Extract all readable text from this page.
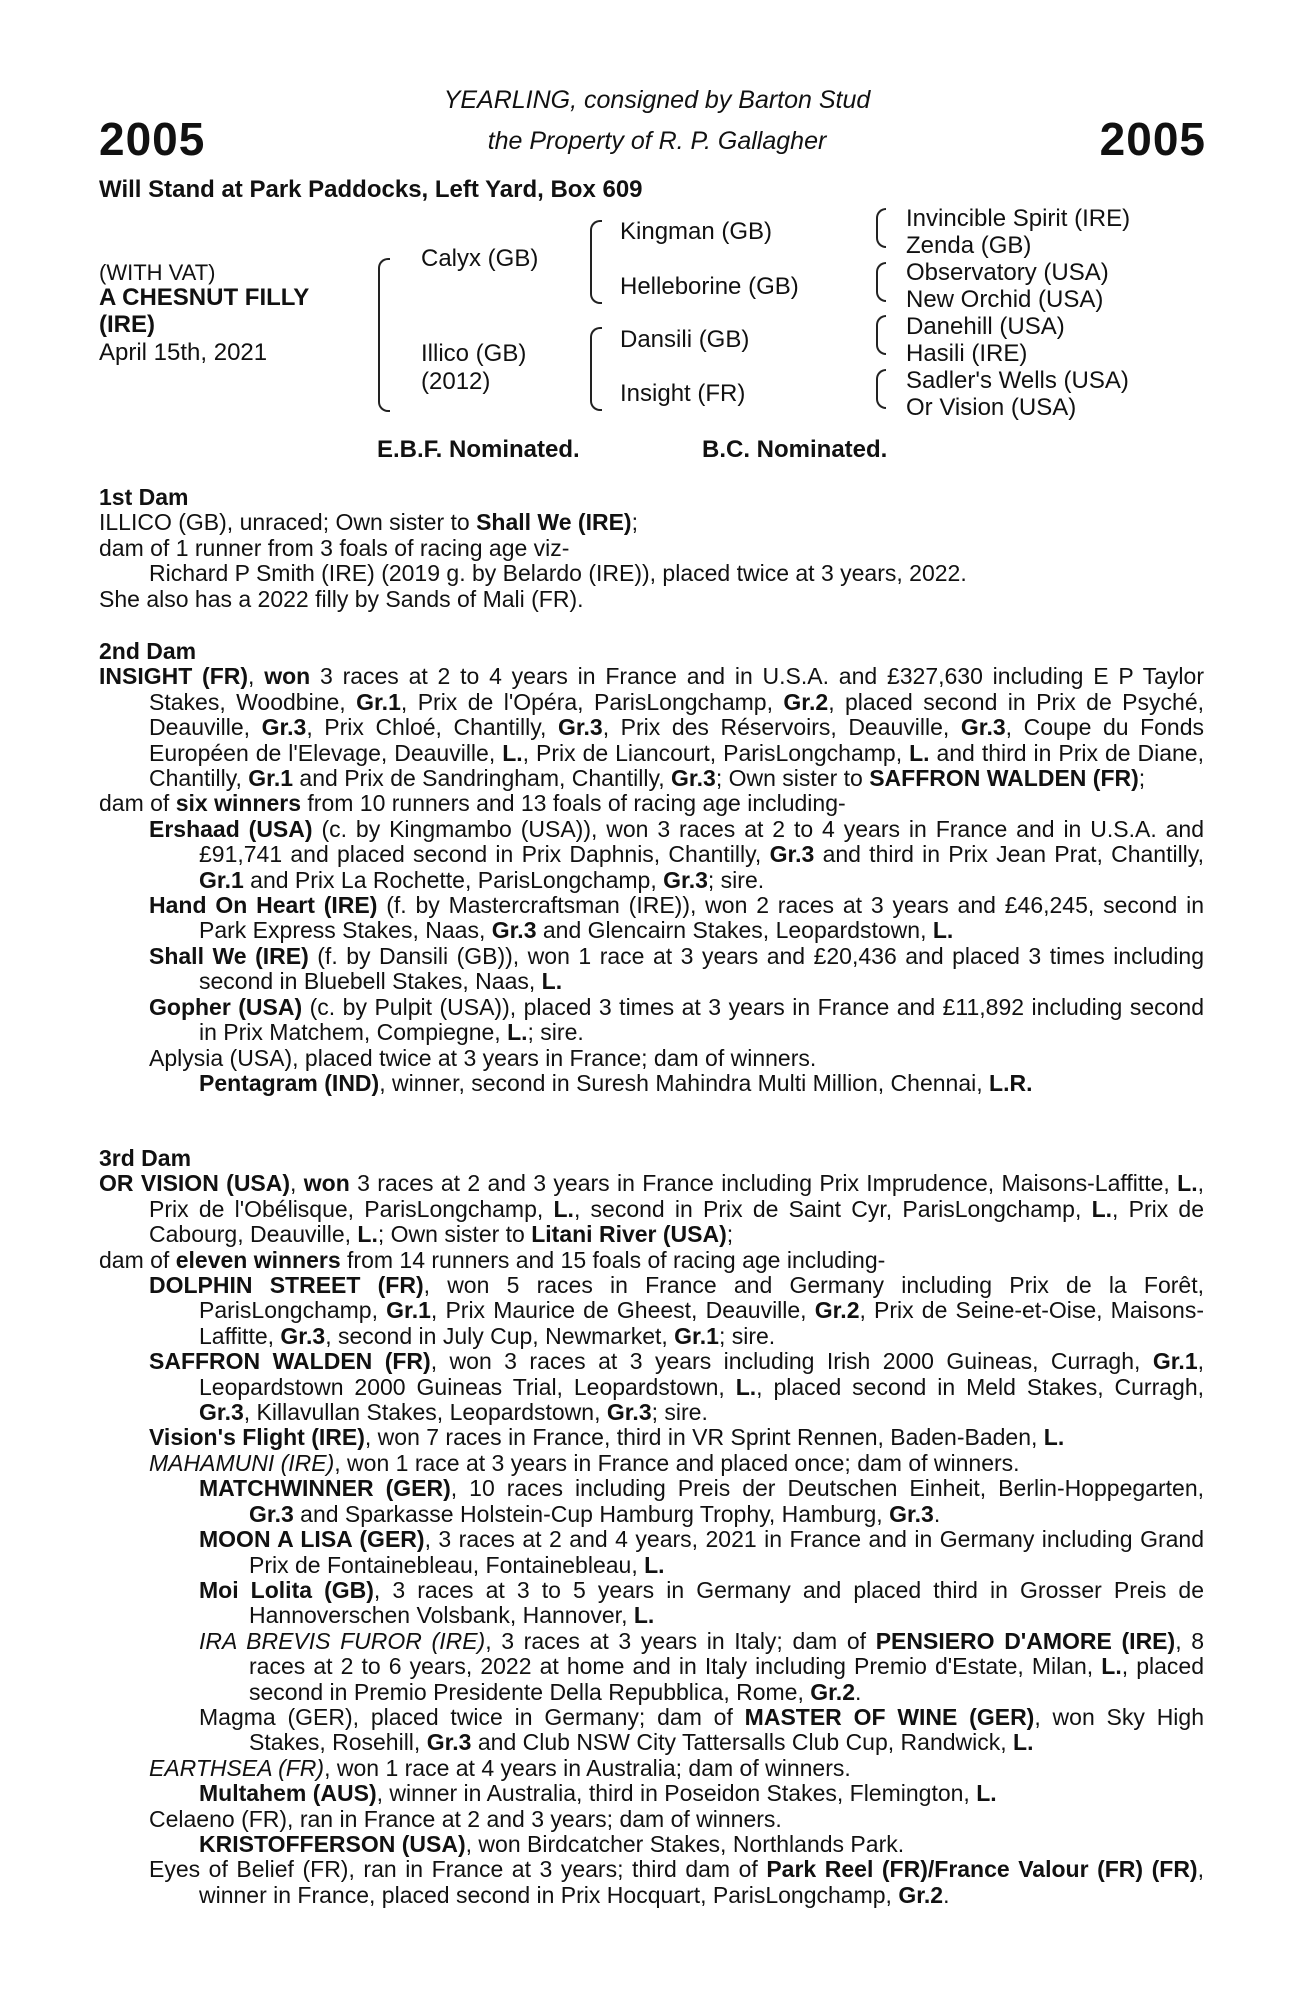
2005	2005
YEARLING, consigned by Barton Stud
the Property of R. P. Gallagher
Will Stand at Park Paddocks, Left Yard, Box 609
(WITH VAT)
A CHESNUT FILLY
(IRE)
April 15th, 2021
Calyx (GB)
Illico (GB)
(2012)
Kingman (GB)
Helleborine (GB)
Dansili (GB)
Insight (FR)
Invincible Spirit (IRE)
Zenda (GB)
Observatory (USA)
New Orchid (USA)
Danehill (USA)
Hasili (IRE)
Sadler's Wells (USA)
Or Vision (USA)
E.B.F. Nominated.	B.C. Nominated.
1st Dam

ILLICO (GB), unraced; Own sister to Shall We (IRE);

dam of 1 runner from 3 foals of racing age viz-

Richard P Smith (IRE) (2019 g. by Belardo (IRE)), placed twice at 3 years, 2022.

She also has a 2022 filly by Sands of Mali (FR).

2nd Dam

INSIGHT (FR), won 3 races at 2 to 4 years in France and in U.S.A. and £327,630 including E P Taylor Stakes, Woodbine, Gr.1, Prix de l'Opéra, ParisLongchamp, Gr.2, placed second in Prix de Psyché, Deauville, Gr.3, Prix Chloé, Chantilly, Gr.3, Prix des Réservoirs, Deauville, Gr.3, Coupe du Fonds Européen de l'Elevage, Deauville, L., Prix de Liancourt, ParisLongchamp, L. and third in Prix de Diane, Chantilly, Gr.1 and Prix de Sandringham, Chantilly, Gr.3; Own sister to SAFFRON WALDEN (FR);

dam of six winners from 10 runners and 13 foals of racing age including-

Ershaad (USA) (c. by Kingmambo (USA)), won 3 races at 2 to 4 years in France and in U.S.A. and £91,741 and placed second in Prix Daphnis, Chantilly, Gr.3 and third in Prix Jean Prat, Chantilly, Gr.1 and Prix La Rochette, ParisLongchamp, Gr.3; sire.

Hand On Heart (IRE) (f. by Mastercraftsman (IRE)), won 2 races at 3 years and £46,245, second in Park Express Stakes, Naas, Gr.3 and Glencairn Stakes, Leopardstown, L.

Shall We (IRE) (f. by Dansili (GB)), won 1 race at 3 years and £20,436 and placed 3 times including second in Bluebell Stakes, Naas, L.

Gopher (USA) (c. by Pulpit (USA)), placed 3 times at 3 years in France and £11,892 including second in Prix Matchem, Compiegne, L.; sire.

Aplysia (USA), placed twice at 3 years in France; dam of winners.

Pentagram (IND), winner, second in Suresh Mahindra Multi Million, Chennai, L.R.

3rd Dam

OR VISION (USA), won 3 races at 2 and 3 years in France including Prix Imprudence, Maisons-Laffitte, L., Prix de l'Obélisque, ParisLongchamp, L., second in Prix de Saint Cyr, ParisLongchamp, L., Prix de Cabourg, Deauville, L.; Own sister to Litani River (USA);

dam of eleven winners from 14 runners and 15 foals of racing age including-

DOLPHIN STREET (FR), won 5 races in France and Germany including Prix de la Forêt, ParisLongchamp, Gr.1, Prix Maurice de Gheest, Deauville, Gr.2, Prix de Seine-et-Oise, Maisons-Laffitte, Gr.3, second in July Cup, Newmarket, Gr.1; sire.

SAFFRON WALDEN (FR), won 3 races at 3 years including Irish 2000 Guineas, Curragh, Gr.1, Leopardstown 2000 Guineas Trial, Leopardstown, L., placed second in Meld Stakes, Curragh, Gr.3, Killavullan Stakes, Leopardstown, Gr.3; sire.

Vision's Flight (IRE), won 7 races in France, third in VR Sprint Rennen, Baden-Baden, L.

MAHAMUNI (IRE), won 1 race at 3 years in France and placed once; dam of winners.

MATCHWINNER (GER), 10 races including Preis der Deutschen Einheit, Berlin-Hoppegarten, Gr.3 and Sparkasse Holstein-Cup Hamburg Trophy, Hamburg, Gr.3.

MOON A LISA (GER), 3 races at 2 and 4 years, 2021 in France and in Germany including Grand Prix de Fontainebleau, Fontainebleau, L.

Moi Lolita (GB), 3 races at 3 to 5 years in Germany and placed third in Grosser Preis de Hannoverschen Volsbank, Hannover, L.

IRA BREVIS FUROR (IRE), 3 races at 3 years in Italy; dam of PENSIERO D'AMORE (IRE), 8 races at 2 to 6 years, 2022 at home and in Italy including Premio d'Estate, Milan, L., placed second in Premio Presidente Della Repubblica, Rome, Gr.2.

Magma (GER), placed twice in Germany; dam of MASTER OF WINE (GER), won Sky High Stakes, Rosehill, Gr.3 and Club NSW City Tattersalls Club Cup, Randwick, L.

EARTHSEA (FR), won 1 race at 4 years in Australia; dam of winners.

Multahem (AUS), winner in Australia, third in Poseidon Stakes, Flemington, L.

Celaeno (FR), ran in France at 2 and 3 years; dam of winners.

KRISTOFFERSON (USA), won Birdcatcher Stakes, Northlands Park.

Eyes of Belief (FR), ran in France at 3 years; third dam of Park Reel (FR)/France Valour (FR) (FR), winner in France, placed second in Prix Hocquart, ParisLongchamp, Gr.2.
